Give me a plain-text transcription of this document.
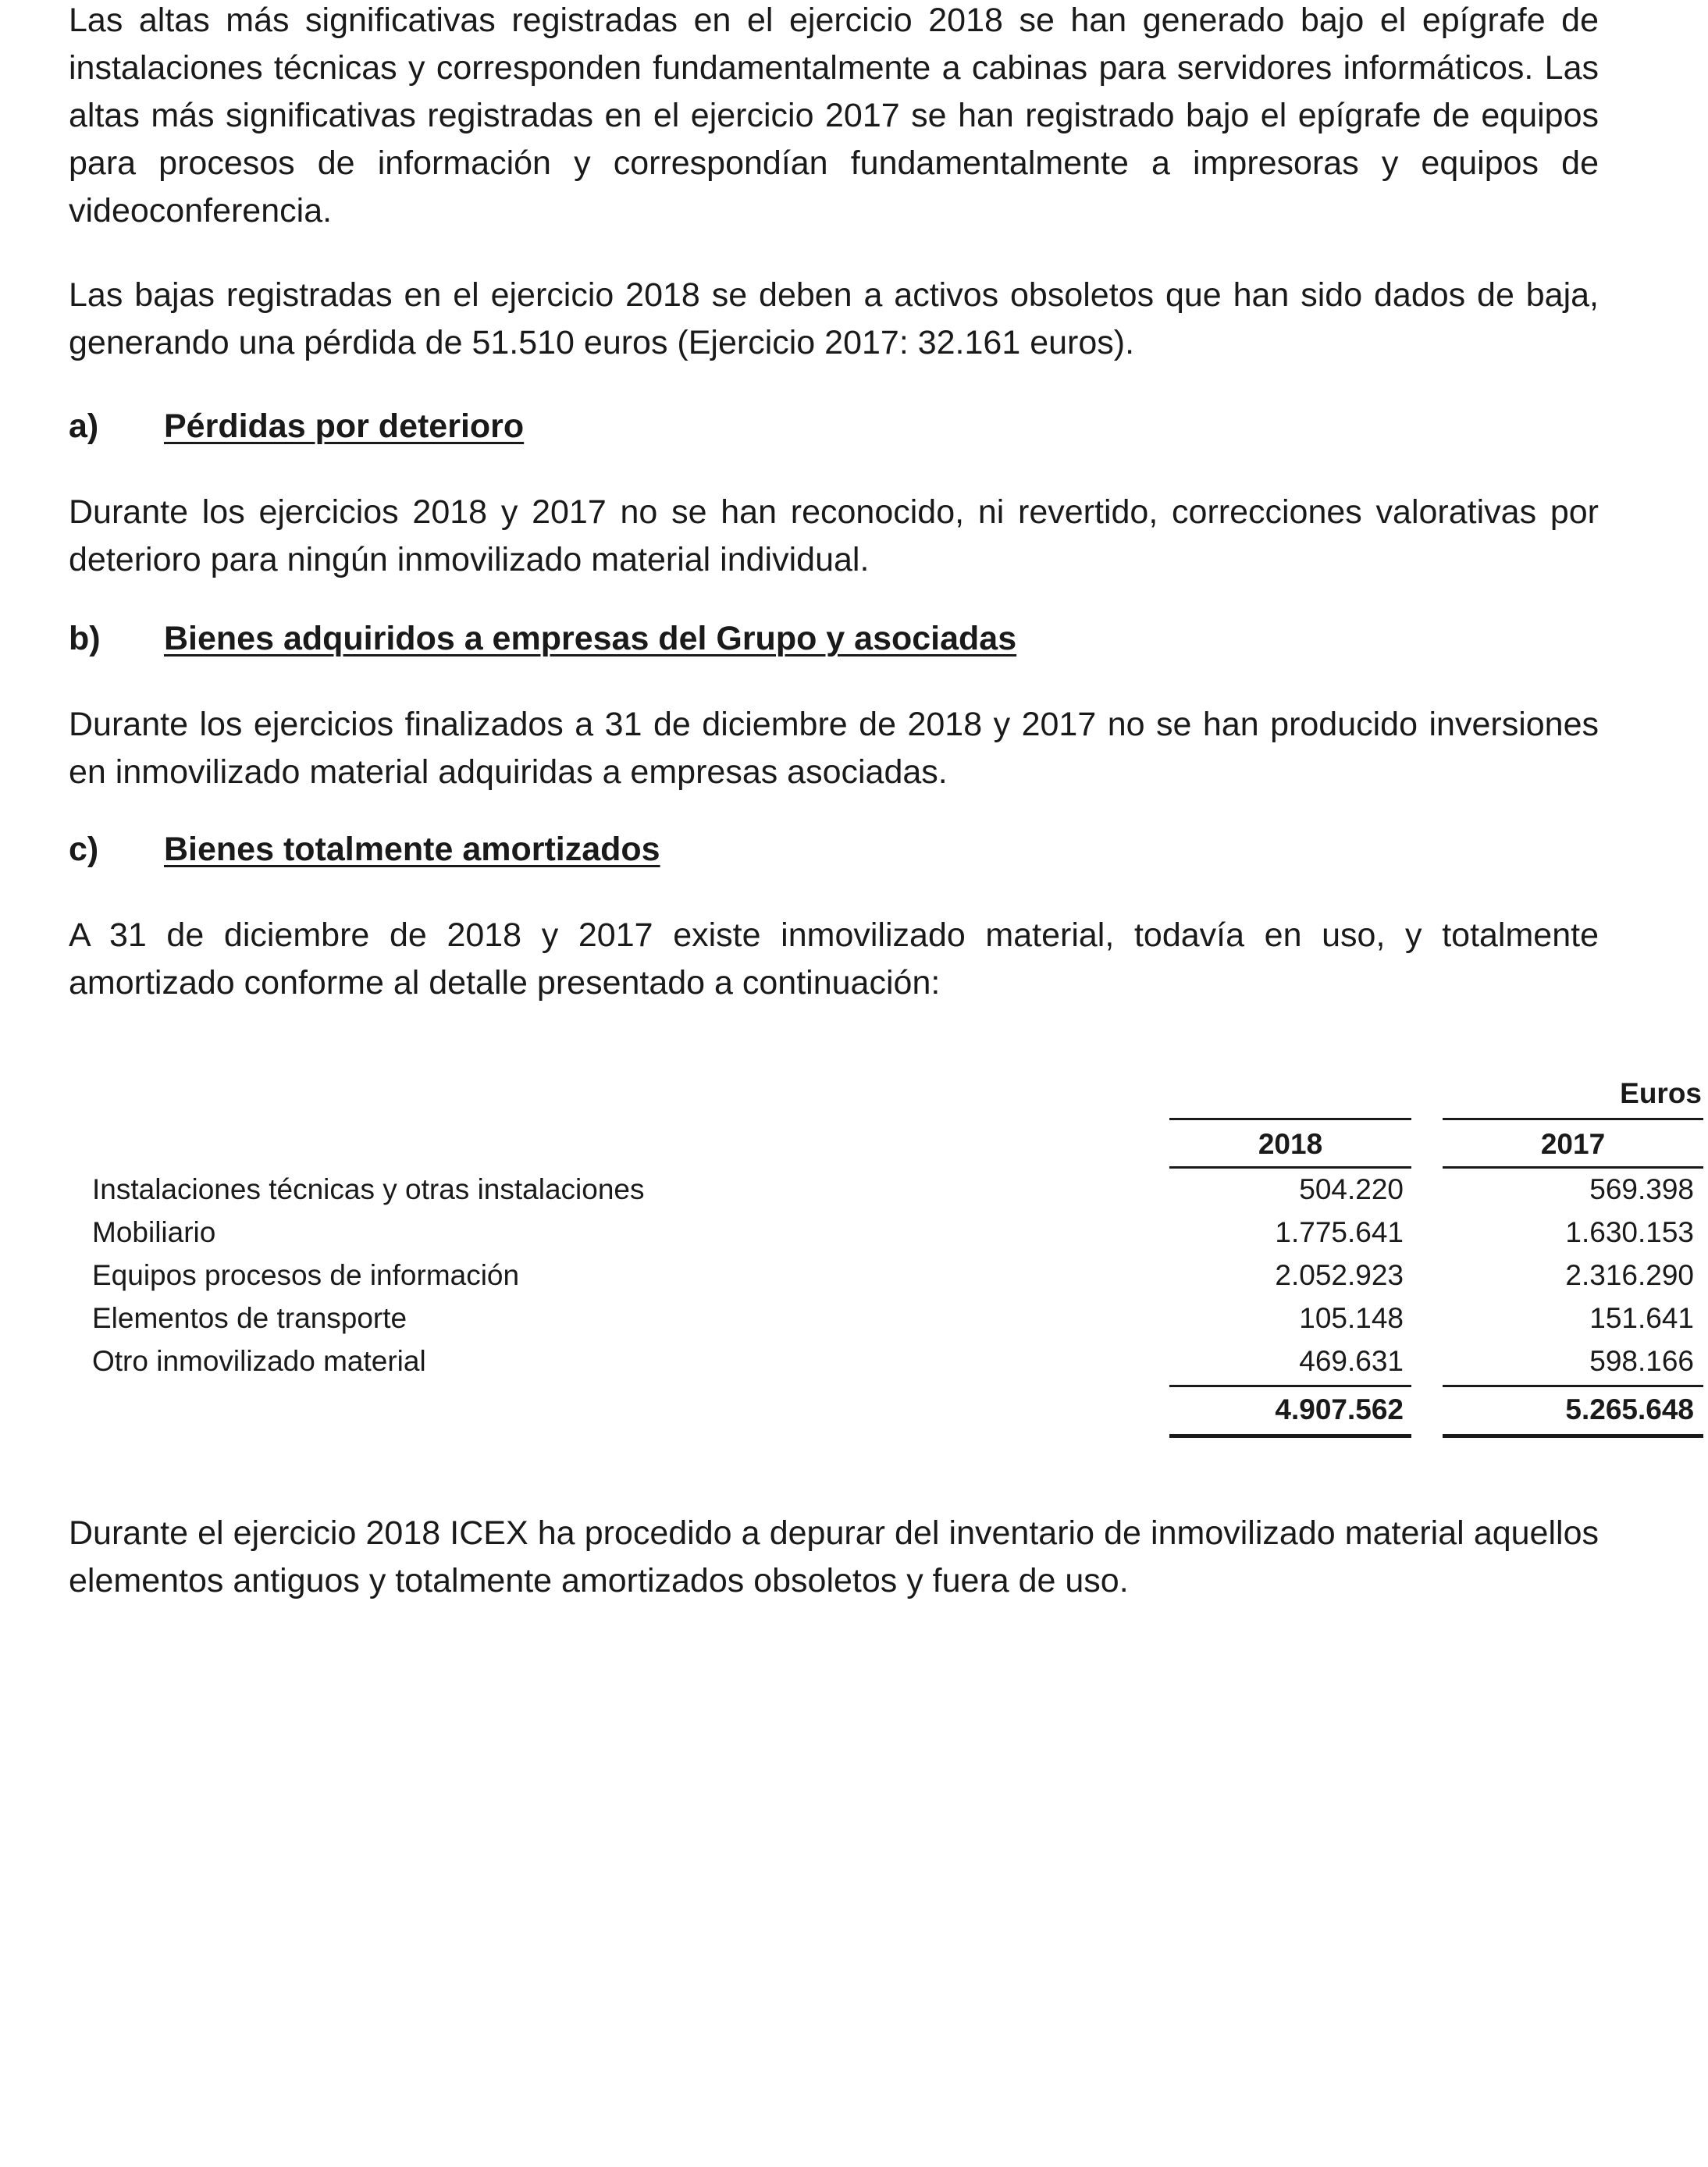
Las altas más significativas registradas en el ejercicio 2018 se han generado bajo el epígrafe de instalaciones técnicas y corresponden fundamentalmente a cabinas para servidores informáticos. Las altas más significativas registradas en el ejercicio 2017 se han registrado bajo el epígrafe de equipos para procesos de información y correspondían fundamentalmente a impresoras y equipos de videoconferencia.

Las bajas registradas en el ejercicio 2018 se deben a activos obsoletos que han sido dados de baja, generando una pérdida de 51.510 euros (Ejercicio 2017: 32.161 euros).

a) Pérdidas por deterioro

Durante los ejercicios 2018 y 2017 no se han reconocido, ni revertido, correcciones valorativas por deterioro para ningún inmovilizado material individual.

b) Bienes adquiridos a empresas del Grupo y asociadas

Durante los ejercicios finalizados a 31 de diciembre de 2018 y 2017 no se han producido inversiones en inmovilizado material adquiridas a empresas asociadas.

c) Bienes totalmente amortizados

A 31 de diciembre de 2018 y 2017 existe inmovilizado material, todavía en uso, y totalmente amortizado conforme al detalle presentado a continuación:

Euros
2018	2017
Instalaciones técnicas y otras instalaciones	504.220	569.398
Mobiliario	1.775.641	1.630.153
Equipos procesos de información	2.052.923	2.316.290
Elementos de transporte	105.148	151.641
Otro inmovilizado material	469.631	598.166
4.907.562	5.265.648

Durante el ejercicio 2018 ICEX ha procedido a depurar del inventario de inmovilizado material aquellos elementos antiguos y totalmente amortizados obsoletos y fuera de uso.
